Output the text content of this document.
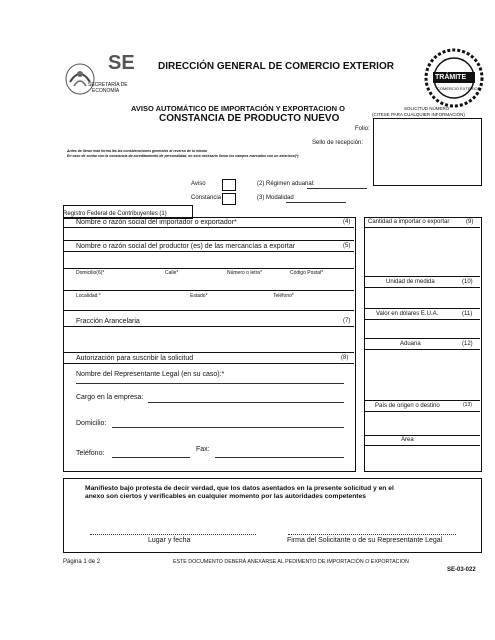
SE
SECRETARÍA DE
ECONOMÍA
TRÁMITE
COMERCIO EXTERIOR
DIRECCIÓN GENERAL DE COMERCIO EXTERIOR
AVISO AUTOMÁTICO DE IMPORTACIÓN Y EXPORTACION O
CONSTANCIA DE PRODUCTO NUEVO
SOLICITUD NÚMERO
(CITESE PARA CUALQUIER INFORMACIÓN)
Folio:
Sello de recepción:
Antes de llenar esta forma lea las consideraciones generales al reverso de la misma
En caso de contar con la constancia de acreditamiento de personalidad, no será necesario llenar los campos marcados con un asterisco(*)
Aviso	(2) Régimen aduanal:
Constancia	(3) Modalidad
Registro Federal de Contribuyentes (1)
Nombre o razón social del importador o exportador*	(4)
Nombre o razón social del productor (es) de las mercancías a exportar	(5)
Domicilio(6)*	Calle*	Número o letra*	Código Postal*
Localidad *	Estado*	Teléfono*
Fracción Arancelaria	(7)
Autorización para suscribir la solicitud	(8)
Nombre del Representante Legal (en su caso):*
Cargo en la empresa:
Domicilio:
Fax:
Teléfono:
Cantidad a importar o exportar	(9)
Unidad de medida	(10)
Valor en dólares E.U.A.	(11)
Aduana	(12)
País de origen o destino	(13)
Área
Manifiesto bajo protesta de decir verdad, que los datos asentados en la presente solicitud y en el
anexo son ciertos y verificables en cualquier momento por las autoridades competentes
Lugar y fecha	Firma del Solicitante o de su Representante Legal
Página 1 de 2	ESTE DOCUMENTO DEBERÁ ANEXARSE AL PEDIMENTO DE IMPORTACIÓN O EXPORTACION
SE-03-022
